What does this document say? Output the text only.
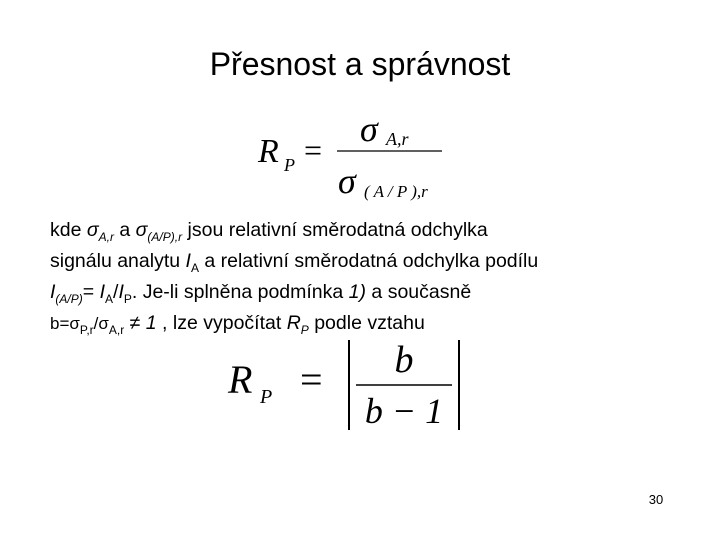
Přesnost a správnost
R P =
σ A,r
σ ( A / P ),r
kde $\sigma_{A,r}$ a $\sigma_{(A/P),r}$ jsou relativní směrodatná odchylka
signálu analytu $I_A$ a relativní směrodatná odchylka podílu
$I_{(A/P)}= I_A/I_P$. Je-li splněna podmínka 1) a současně
$b=\sigma_{P,r}/\sigma_{A,r} \ne 1$ , lze vypočítat $R_P$ podle vztahu
R P = b
b − 1
30
